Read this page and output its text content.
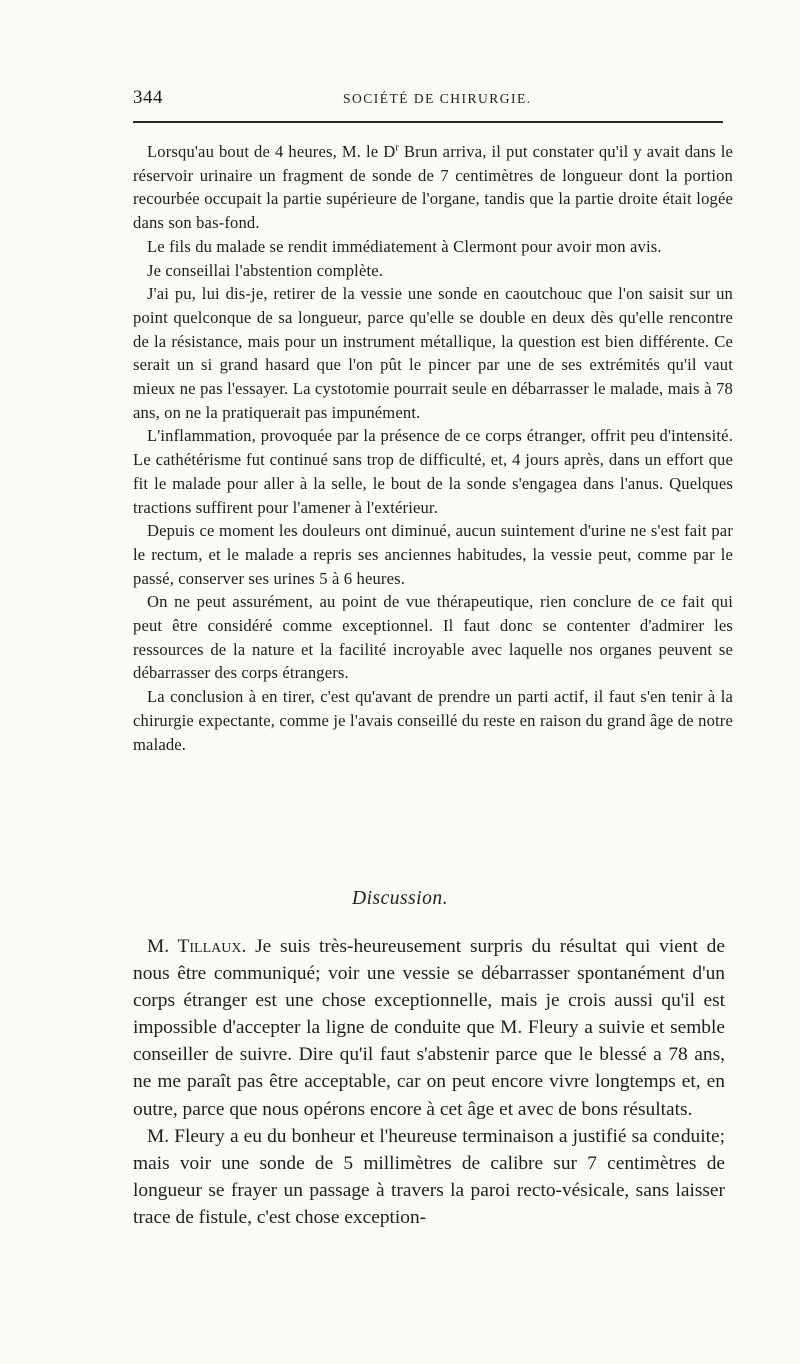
344	SOCIÉTÉ DE CHIRURGIE.

Lorsqu'au bout de 4 heures, M. le $D^r$ Brun arriva, il put constater qu'il y avait dans le réservoir urinaire un fragment de sonde de 7 centimètres de longueur dont la portion recourbée occupait la partie supérieure de l'organe, tandis que la partie droite était logée dans son bas-fond.

Le fils du malade se rendit immédiatement à Clermont pour avoir mon avis.

Je conseillai l'abstention complète.

J'ai pu, lui dis-je, retirer de la vessie une sonde en caoutchouc que l'on saisit sur un point quelconque de sa longueur, parce qu'elle se double en deux dès qu'elle rencontre de la résistance, mais pour un instrument métallique, la question est bien différente. Ce serait un si grand hasard que l'on pût le pincer par une de ses extrémités qu'il vaut mieux ne pas l'essayer. La cystotomie pourrait seule en débarrasser le malade, mais à 78 ans, on ne la pratiquerait pas impunément.

L'inflammation, provoquée par la présence de ce corps étranger, offrit peu d'intensité. Le cathétérisme fut continué sans trop de difficulté, et, 4 jours après, dans un effort que fit le malade pour aller à la selle, le bout de la sonde s'engagea dans l'anus. Quelques tractions suffirent pour l'amener à l'extérieur.

Depuis ce moment les douleurs ont diminué, aucun suintement d'urine ne s'est fait par le rectum, et le malade a repris ses anciennes habitudes, la vessie peut, comme par le passé, conserver ses urines 5 à 6 heures.

On ne peut assurément, au point de vue thérapeutique, rien conclure de ce fait qui peut être considéré comme exceptionnel. Il faut donc se contenter d'admirer les ressources de la nature et la facilité incroyable avec laquelle nos organes peuvent se débarrasser des corps étrangers.

La conclusion à en tirer, c'est qu'avant de prendre un parti actif, il faut s'en tenir à la chirurgie expectante, comme je l'avais conseillé du reste en raison du grand âge de notre malade.

Discussion.

M. Tillaux. Je suis très-heureusement surpris du résultat qui vient de nous être communiqué; voir une vessie se débarrasser spontanément d'un corps étranger est une chose exceptionnelle, mais je crois aussi qu'il est impossible d'accepter la ligne de conduite que M. Fleury a suivie et semble conseiller de suivre. Dire qu'il faut s'abstenir parce que le blessé a 78 ans, ne me paraît pas être acceptable, car on peut encore vivre longtemps et, en outre, parce que nous opérons encore à cet âge et avec de bons résultats.

M. Fleury a eu du bonheur et l'heureuse terminaison a justifié sa conduite; mais voir une sonde de 5 millimètres de calibre sur 7 centimètres de longueur se frayer un passage à travers la paroi recto-vésicale, sans laisser trace de fistule, c'est chose exception-
